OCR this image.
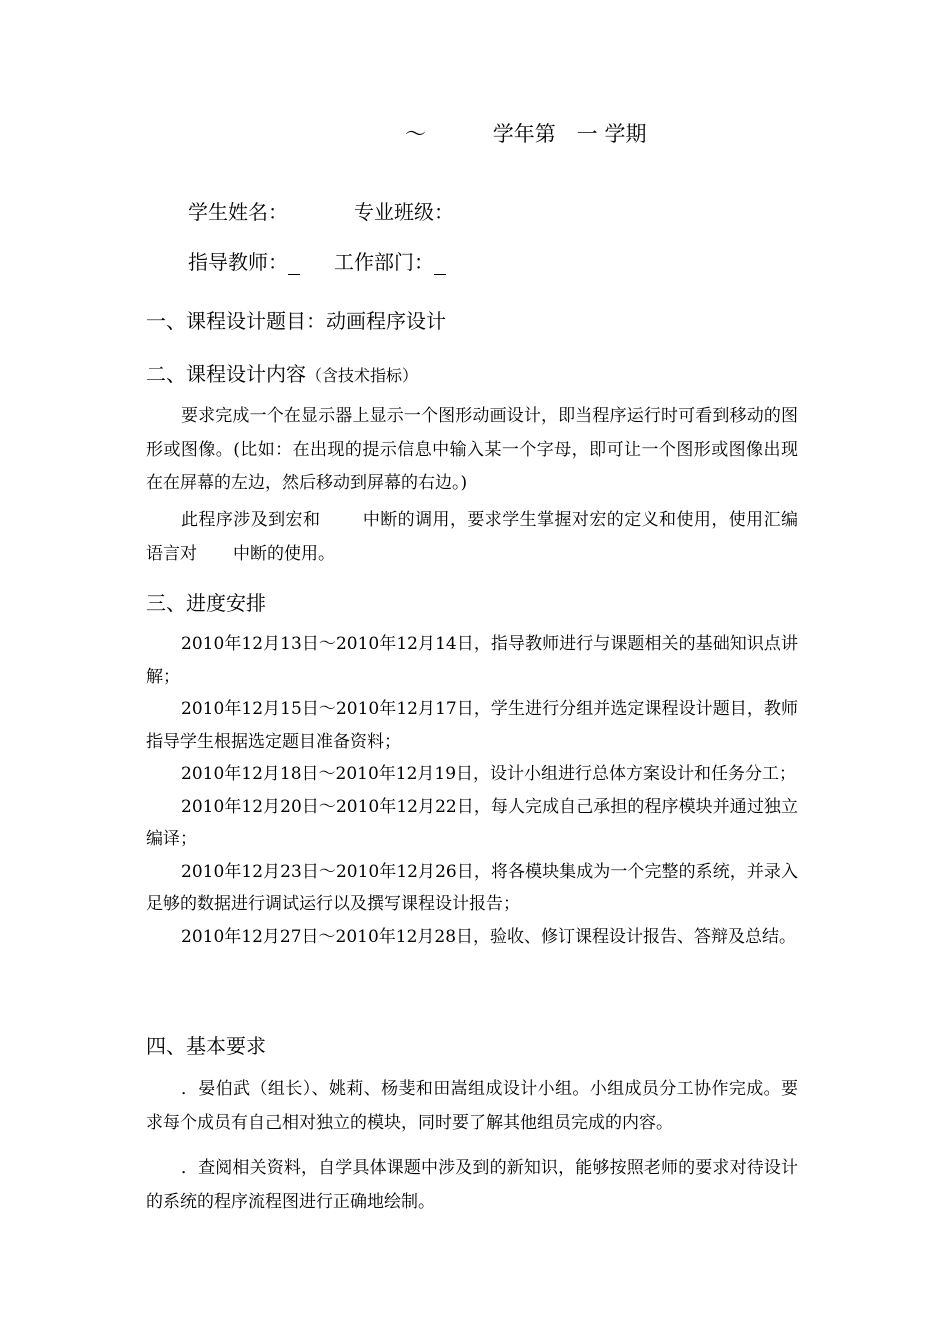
～	学年第　一 学期
学生姓名：	专业班级：
指导教师： 工作部门：
一、课程设计题目：动画程序设计
二、课程设计内容（含技术指标）
要求完成一个在显示器上显示一个图形动画设计，即当程序运行时可看到移动的图形或图像。(比如：在出现的提示信息中输入某一个字母，即可让一个图形或图像出现在在屏幕的左边，然后移动到屏幕的右边。)
此程序涉及到宏和 中断的调用，要求学生掌握对宏的定义和使用，使用汇编语言对 中断的使用。
三、进度安排

2010年12月13日～2010年12月14日，指导教师进行与课题相关的基础知识点讲解；

2010年12月15日～2010年12月17日，学生进行分组并选定课程设计题目，教师指导学生根据选定题目准备资料；

2010年12月18日～2010年12月19日，设计小组进行总体方案设计和任务分工；

2010年12月20日～2010年12月22日，每人完成自己承担的程序模块并通过独立编译；

2010年12月23日～2010年12月26日，将各模块集成为一个完整的系统，并录入足够的数据进行调试运行以及撰写课程设计报告；

2010年12月27日～2010年12月28日，验收、修订课程设计报告、答辩及总结。

四、基本要求

．晏伯武（组长）、姚莉、杨斐和田嵩组成设计小组。小组成员分工协作完成。要求每个成员有自己相对独立的模块，同时要了解其他组员完成的内容。

．查阅相关资料，自学具体课题中涉及到的新知识，能够按照老师的要求对待设计的系统的程序流程图进行正确地绘制。
